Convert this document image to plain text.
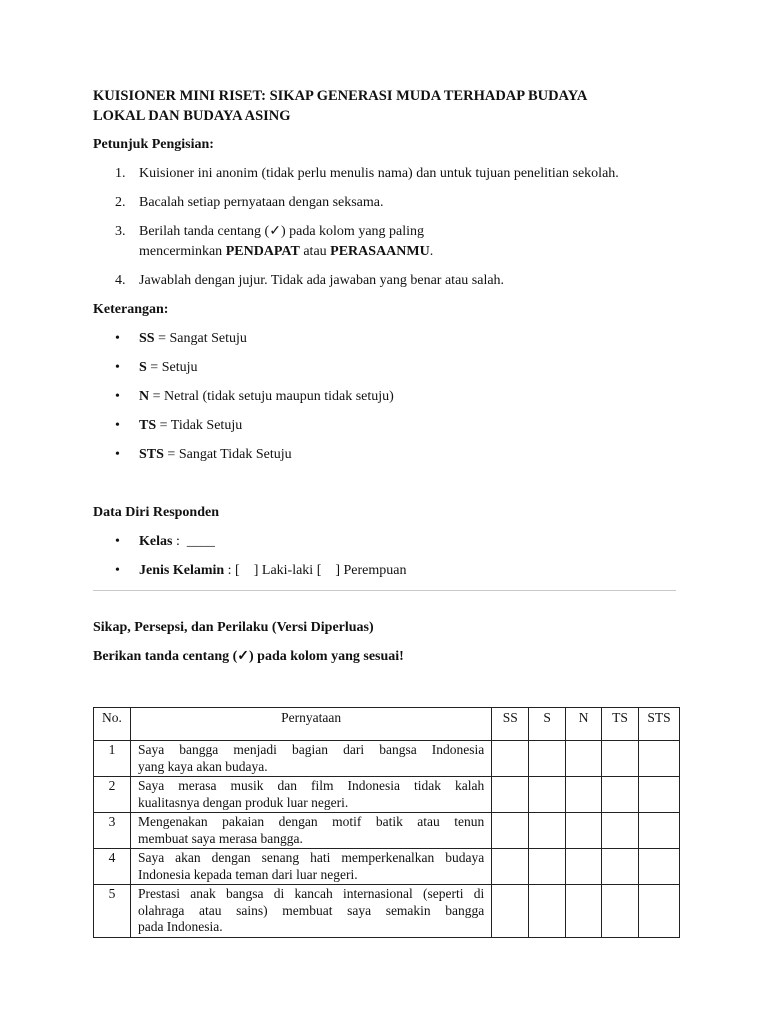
KUISIONER MINI RISET: SIKAP GENERASI MUDA TERHADAP BUDAYA
LOKAL DAN BUDAYA ASING

Petunjuk Pengisian:

1. Kuisioner ini anonim (tidak perlu menulis nama) dan untuk tujuan penelitian sekolah.
2. Bacalah setiap pernyataan dengan seksama.
3. Berilah tanda centang (✓) pada kolom yang paling
mencerminkan PENDAPAT atau PERASAANMU.
4. Jawablah dengan jujur. Tidak ada jawaban yang benar atau salah.

Keterangan:

• SS = Sangat Setuju
• S = Setuju
• N = Netral (tidak setuju maupun tidak setuju)
• TS = Tidak Setuju
• STS = Sangat Tidak Setuju

Data Diri Responden

• Kelas :  ____
• Jenis Kelamin : [    ] Laki-laki [    ] Perempuan

Sikap, Persepsi, dan Perilaku (Versi Diperluas)

Berikan tanda centang (✓) pada kolom yang sesuai!

No.	Pernyataan	SS	S	N	TS	STS
1	Saya bangga menjadi bagian dari bangsa Indonesia
yang kaya akan budaya.					

2	Saya merasa musik dan film Indonesia tidak kalah
kualitasnya dengan produk luar negeri.					

3	Mengenakan pakaian dengan motif batik atau tenun
membuat saya merasa bangga.					

4	Saya akan dengan senang hati memperkenalkan budaya
Indonesia kepada teman dari luar negeri.					

5	Prestasi anak bangsa di kancah internasional (seperti di
olahraga atau sains) membuat saya semakin bangga
pada Indonesia.					
